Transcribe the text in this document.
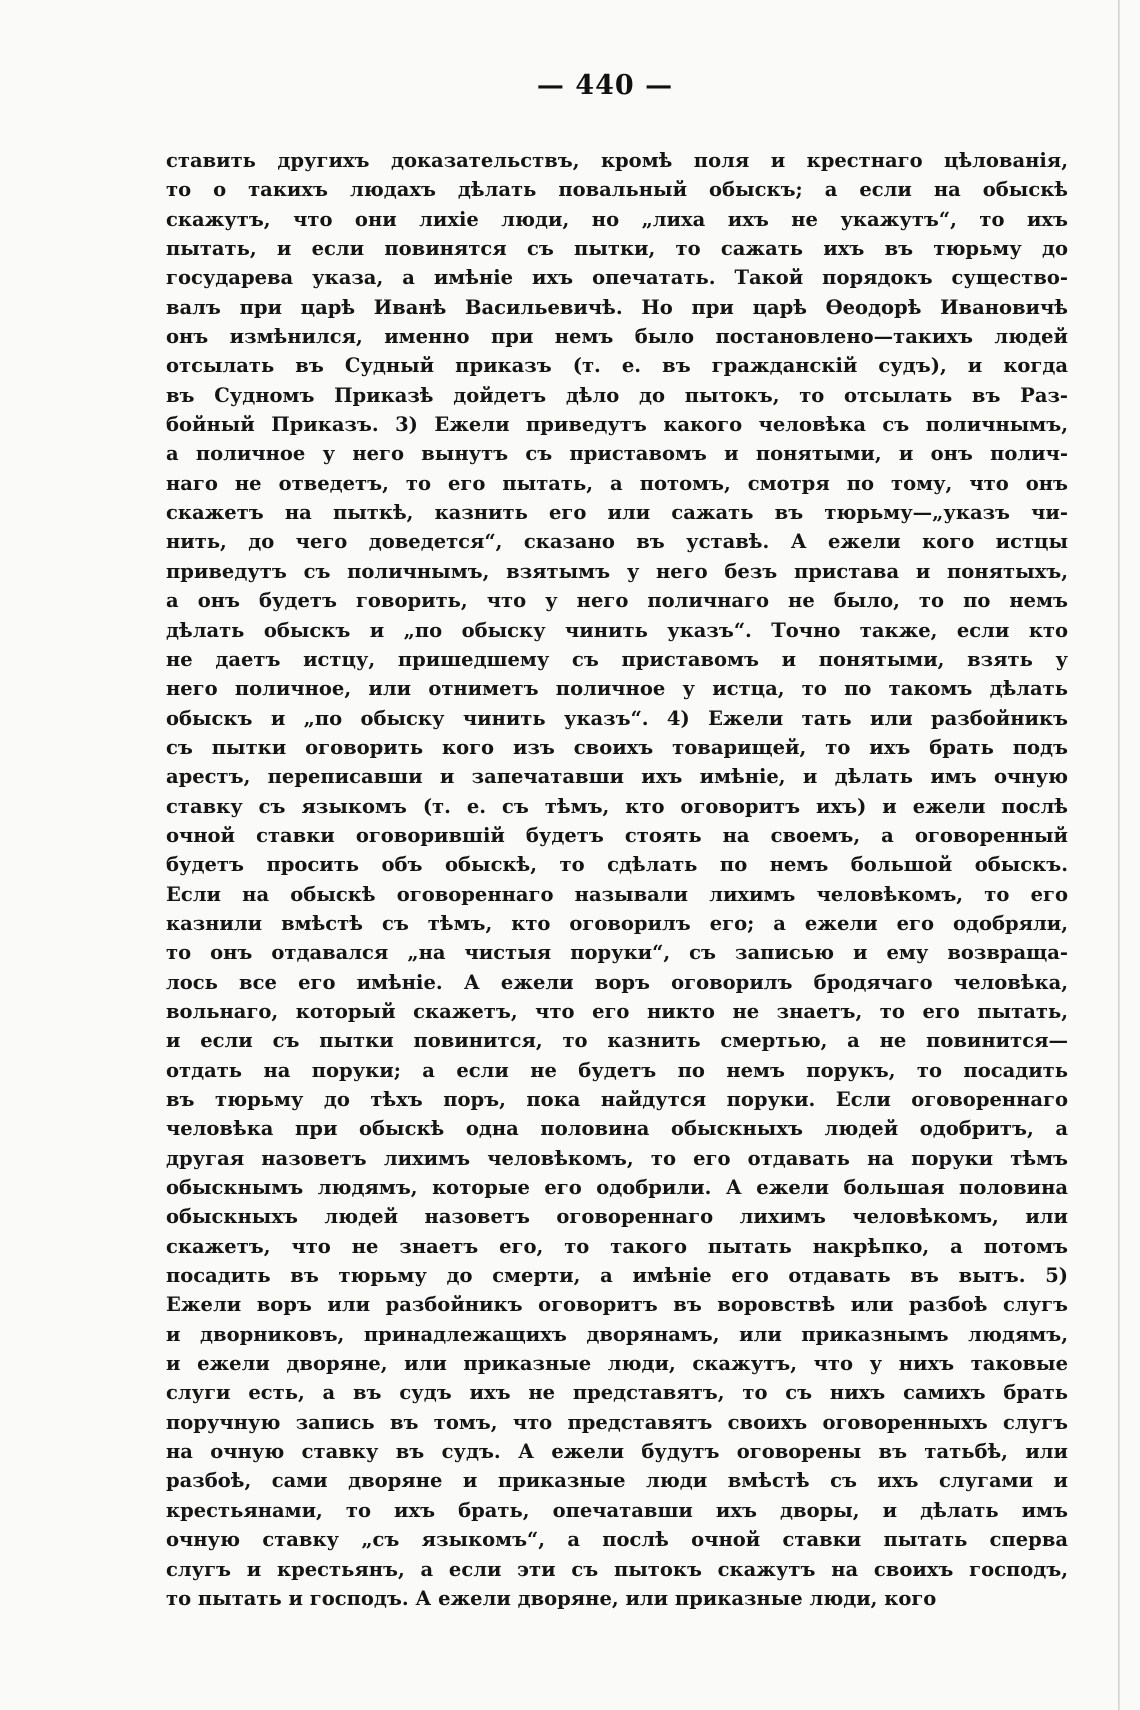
— 440 —
ставить другихъ доказательствъ, кромѣ поля и крестнаго цѣлованія,
то о такихъ людахъ дѣлать повальный обыскъ; а если на обыскѣ
скажутъ, что они лихіе люди, но „лиха ихъ не укажутъ“, то ихъ
пытать, и если повинятся съ пытки, то сажать ихъ въ тюрьму до
государева указа, а имѣніе ихъ опечатать. Такой порядокъ существо-
валъ при царѣ Иванѣ Васильевичѣ. Но при царѣ Ѳеодорѣ Ивановичѣ
онъ измѣнился, именно при немъ было постановлено—такихъ людей
отсылать въ Судный приказъ (т. е. въ гражданскій судъ), и когда
въ Судномъ Приказѣ дойдетъ дѣло до пытокъ, то отсылать въ Раз-
бойный Приказъ. 3) Ежели приведутъ какого человѣка съ поличнымъ,
а поличное у него вынутъ съ приставомъ и понятыми, и онъ полич-
наго не отведетъ, то его пытать, а потомъ, смотря по тому, что онъ
скажетъ на пыткѣ, казнить его или сажать въ тюрьму—„указъ чи-
нить, до чего доведется“, сказано въ уставѣ. А ежели кого истцы
приведутъ съ поличнымъ, взятымъ у него безъ пристава и понятыхъ,
а онъ будетъ говорить, что у него поличнаго не было, то по немъ
дѣлать обыскъ и „по обыску чинить указъ“. Точно также, если кто
не даетъ истцу, пришедшему съ приставомъ и понятыми, взять у
него поличное, или отниметъ поличное у истца, то по такомъ дѣлать
обыскъ и „по обыску чинить указъ“. 4) Ежели тать или разбойникъ
съ пытки оговорить кого изъ своихъ товарищей, то ихъ брать подъ
арестъ, переписавши и запечатавши ихъ имѣніе, и дѣлать имъ очную
ставку съ языкомъ (т. е. съ тѣмъ, кто оговоритъ ихъ) и ежели послѣ
очной ставки оговорившій будетъ стоять на своемъ, а оговоренный
будетъ просить объ обыскѣ, то сдѣлать по немъ большой обыскъ.
Если на обыскѣ оговореннаго называли лихимъ человѣкомъ, то его
казнили вмѣстѣ съ тѣмъ, кто оговорилъ его; а ежели его одобряли,
то онъ отдавался „на чистыя поруки“, съ записью и ему возвраща-
лось все его имѣніе. А ежели воръ оговорилъ бродячаго человѣка,
вольнаго, который скажетъ, что его никто не знаетъ, то его пытать,
и если съ пытки повинится, то казнить смертью, а не повинится—
отдать на поруки; а если не будетъ по немъ порукъ, то посадить
въ тюрьму до тѣхъ поръ, пока найдутся поруки. Если оговореннаго
человѣка при обыскѣ одна половина обыскныхъ людей одобритъ, а
другая назоветъ лихимъ человѣкомъ, то его отдавать на поруки тѣмъ
обыскнымъ людямъ, которые его одобрили. А ежели большая половина
обыскныхъ людей назоветъ оговореннаго лихимъ человѣкомъ, или
скажетъ, что не знаетъ его, то такого пытать накрѣпко, а потомъ
посадить въ тюрьму до смерти, а имѣніе его отдавать въ вытъ. 5)
Ежели воръ или разбойникъ оговоритъ въ воровствѣ или разбоѣ слугъ
и дворниковъ, принадлежащихъ дворянамъ, или приказнымъ людямъ,
и ежели дворяне, или приказные люди, скажутъ, что у нихъ таковые
слуги есть, а въ судъ ихъ не представятъ, то съ нихъ самихъ брать
поручную запись въ томъ, что представятъ своихъ оговоренныхъ слугъ
на очную ставку въ судъ. А ежели будутъ оговорены въ татьбѣ, или
разбоѣ, сами дворяне и приказные люди вмѣстѣ съ ихъ слугами и
крестьянами, то ихъ брать, опечатавши ихъ дворы, и дѣлать имъ
очную ставку „съ языкомъ“, а послѣ очной ставки пытать сперва
слугъ и крестьянъ, а если эти съ пытокъ скажутъ на своихъ господъ,
то пытать и господъ. А ежели дворяне, или приказные люди, кого
